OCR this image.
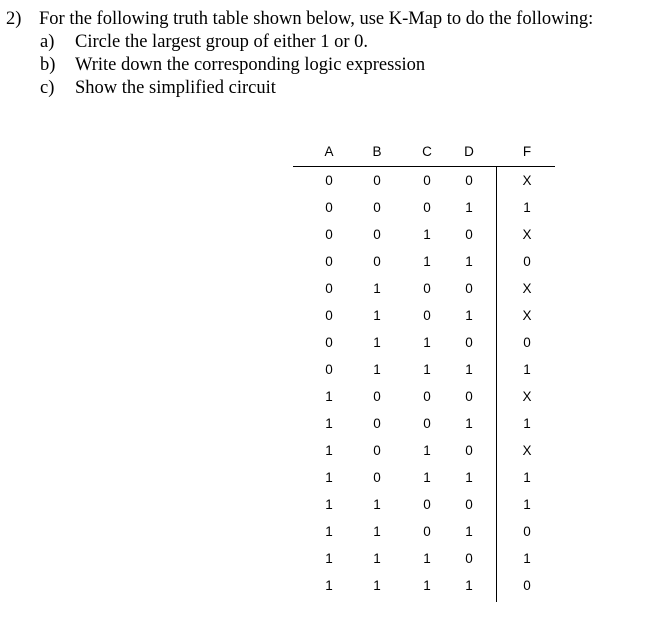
2) For the following truth table shown below, use K-Map to do the following:
a) Circle the largest group of either 1 or 0.
b) Write down the corresponding logic expression
c) Show the simplified circuit
A	B	C	D	F
0	0	0	0	X
0	0	0	1	1
0	0	1	0	X
0	0	1	1	0
0	1	0	0	X
0	1	0	1	X
0	1	1	0	0
0	1	1	1	1
1	0	0	0	X
1	0	0	1	1
1	0	1	0	X
1	0	1	1	1
1	1	0	0	1
1	1	0	1	0
1	1	1	0	1
1	1	1	1	0
